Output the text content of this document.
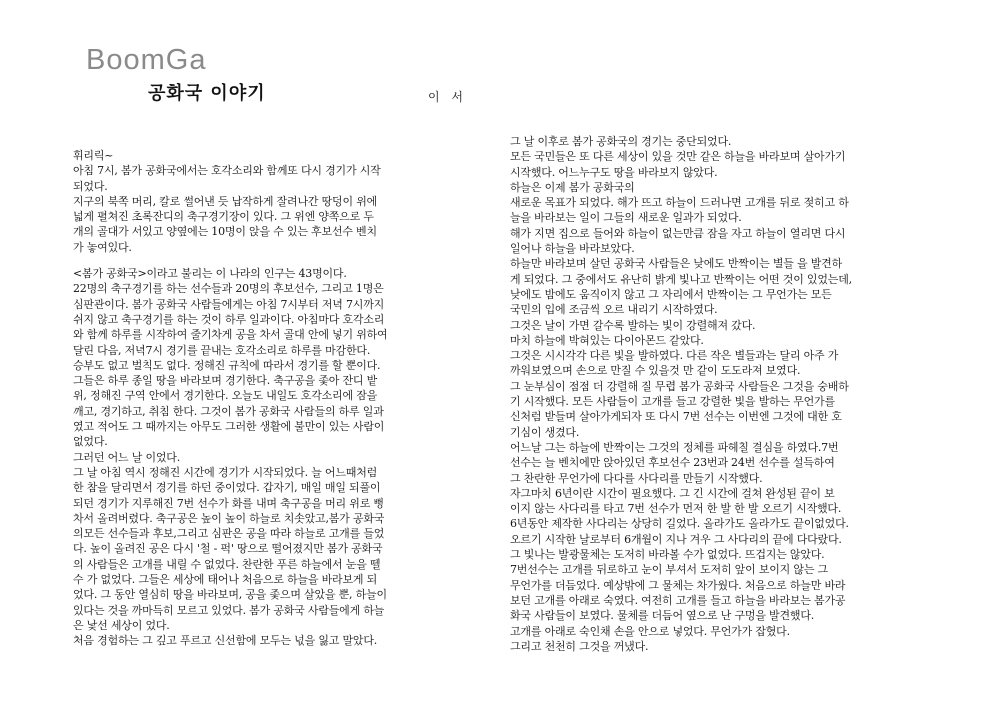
BoomGa
공화국 이야기	이 서
휘리릭~
아침 7시, 봄가 공화국에서는 호각소리와 함께또 다시 경기가 시작
되었다.
지구의 북쪽 머리, 칼로 썰어낸 듯 납작하게 잘려나간 땅덩이 위에
넓게 펼쳐진 초록잔디의 축구경기장이 있다. 그 위엔 양쪽으로 두
개의 골대가 서있고 양옆에는 10명이 앉을 수 있는 후보선수 벤치
가 놓여있다.
<봄가 공화국>이라고 불리는 이 나라의 인구는 43명이다.
22명의 축구경기를 하는 선수들과 20명의 후보선수, 그리고 1명은
심판관이다. 봄가 공화국 사람들에게는 아침 7시부터 저녁 7시까지
쉬지 않고 축구경기를 하는 것이 하루 일과이다. 아침마다 호각소리
와 함께 하루를 시작하여 줄기차게 공을 차서 골대 안에 넣기 위하여
달린 다음, 저녁7시 경기를 끝내는 호각소리로 하루를 마감한다.
승부도 없고 벌칙도 없다. 정해진 규칙에 따라서 경기를 할 뿐이다.
그들은 하루 종일 땅을 바라보며 경기한다. 축구공을 좇아 잔디 밭
위, 정해진 구역 안에서 경기한다. 오늘도 내일도 호각소리에 잠을
깨고, 경기하고, 취침 한다. 그것이 봄가 공화국 사람들의 하루 일과
였고 적어도 그 때까지는 아무도 그러한 생활에 불만이 있는 사람이
없었다.
그러던 어느 날 이었다.
그 날 아침 역시 정해진 시간에 경기가 시작되었다. 늘 어느때처럼
한 참을 달리면서 경기를 하던 중이었다. 갑자기, 매일 매일 되풀이
되던 경기가 지루해진 7번 선수가 화를 내며 축구공을 머리 위로 뻥
차서 올려버렸다. 축구공은 높이 높이 하늘로 치솟았고,봄가 공화국
의모든 선수들과 후보,그리고 심판은 공을 따라 하늘로 고개를 들었
다. 높이 올려진 공은 다시 '철 - 퍽' 땅으로 떨어졌지만 봄가 공화국
의 사람들은 고개를 내릴 수 없었다. 찬란한 푸른 하늘에서 눈을 뗄
수 가 없었다. 그들은 세상에 태어나 처음으로 하늘을 바라보게 되
었다. 그 동안 열심히 땅을 바라보며, 공을 좇으며 살았을 뿐, 하늘이
있다는 것을 까마득히 모르고 있었다. 봄가 공화국 사람들에게 하늘
은 낯선 세상이 었다.
처음 경험하는 그 깊고 푸르고 신선함에 모두는 넋을 잃고 말았다.
그 날 이후로 봄가 공화국의 경기는 중단되었다.
모든 국민들은 또 다른 세상이 있을 것만 같은 하늘을 바라보며 살아가기
시작했다. 어느누구도 땅을 바라보지 않았다.
하늘은 이제 봄가 공화국의
새로운 목표가 되었다. 해가 뜨고 하늘이 드러나면 고개를 뒤로 젖히고 하
늘을 바라보는 일이 그들의 새로운 일과가 되었다.
해가 지면 집으로 들어와 하늘이 없는만큼 잠을 자고 하늘이 열리면 다시
일어나 하늘을 바라보았다.
하늘만 바라보며 살던 공화국 사람들은 낮에도 반짝이는 별들 을 발견하
게 되었다. 그 중에서도 유난히 밝게 빛나고 반짝이는 어떤 것이 있었는데,
낮에도 밤에도 움직이지 않고 그 자리에서 반짝이는 그 무언가는 모든
국민의 입에 조금씩 오르 내리기 시작하였다.
그것은 날이 가면 갈수록 발하는 빛이 강렬해져 갔다.
마치 하늘에 박혀있는 다이아몬드 같았다.
그것은 시시각각 다른 빛을 발하였다. 다른 작은 별들과는 달리 아주 가
까워보였으며 손으로 만질 수 있을것 만 같이 도도라져 보였다.
그 눈부심이 점점 더 강렬해 질 무렵 봄가 공화국 사람들은 그것을 숭배하
기 시작했다. 모든 사람들이 고개를 들고 강렬한 빛을 발하는 무언가를
신처럼 받들며 살아가게되자 또 다시 7번 선수는 이번엔 그것에 대한 호
기심이 생겼다.
어느날 그는 하늘에 반짝이는 그것의 정체를 파헤칠 결심을 하였다.7번
선수는 늘 벤치에만 앉아있던 후보선수 23번과 24번 선수를 설득하여
그 찬란한 무언가에 다다를 사다리를 만들기 시작했다.
자그마치 6년이란 시간이 필요했다. 그 긴 시간에 걸쳐 완성된 끝이 보
이지 않는 사다리를 타고 7번 선수가 먼저 한 발 한 발 오르기 시작했다.
6년동안 제작한 사다리는 상당히 길었다. 올라가도 올라가도 끝이없었다.
오르기 시작한 날로부터 6개월이 지나 겨우 그 사다리의 끝에 다다랐다.
그 빛나는 발광물체는 도저히 바라볼 수가 없었다. 뜨겁지는 않았다.
7번선수는 고개를 뒤로하고 눈이 부셔서 도저히 앞이 보이지 않는 그
무언가를 더듬었다. 예상밖에 그 물체는 차가웠다. 처음으로 하늘만 바라
보던 고개를 아래로 숙였다. 여전히 고개를 들고 하늘을 바라보는 봄가공
화국 사람들이 보였다. 물체를 더듬어 옆으로 난 구멍을 발견했다.
고개를 아래로 숙인채 손을 안으로 넣었다. 무언가가 잡혔다.
그리고 천천히 그것을 꺼냈다.
